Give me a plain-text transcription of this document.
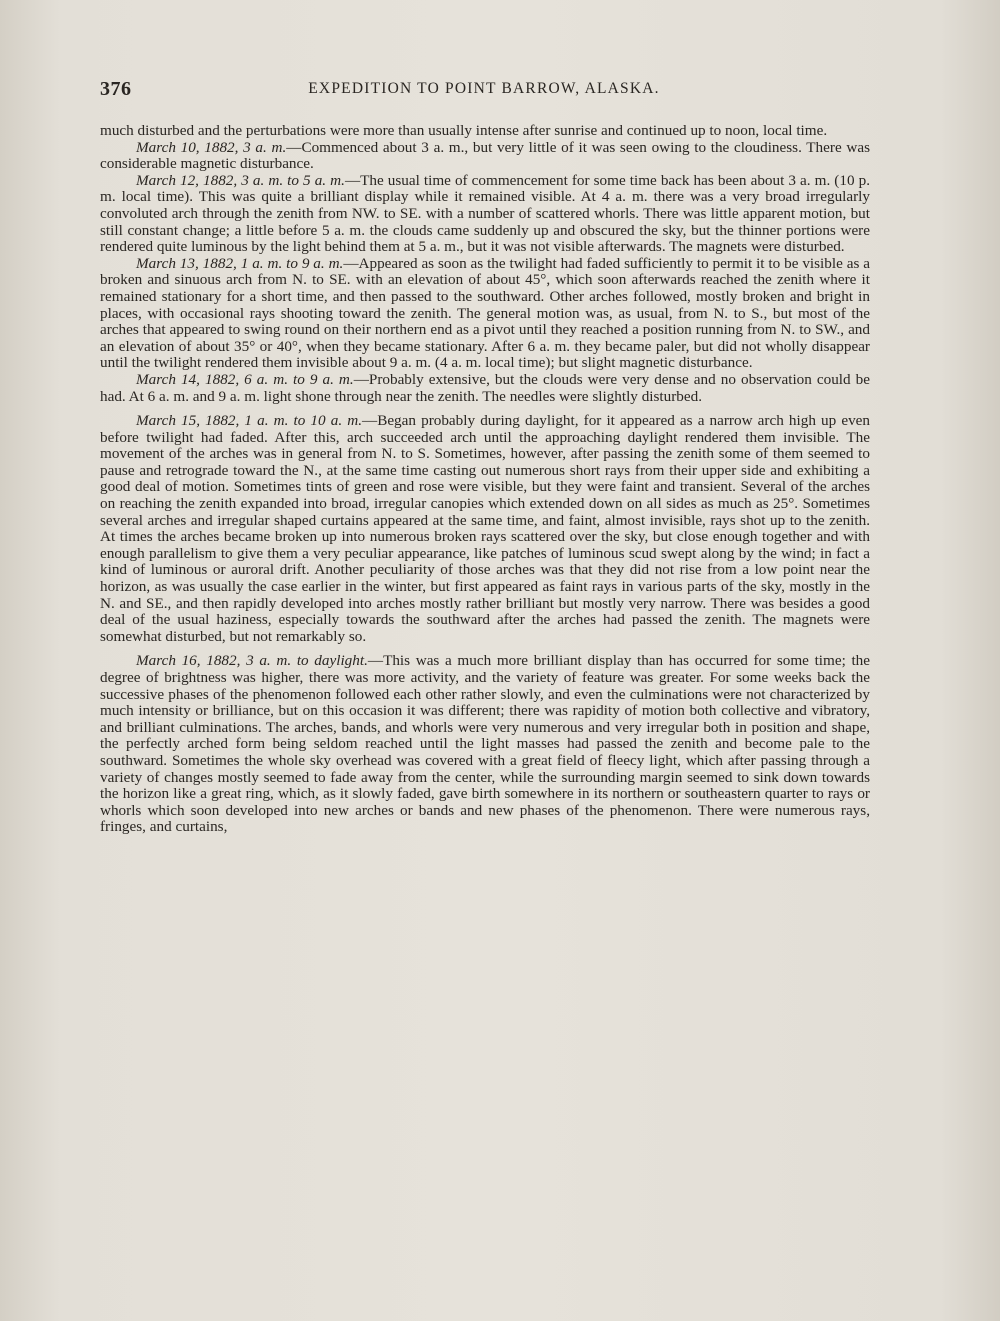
376	EXPEDITION TO POINT BARROW, ALASKA.

much disturbed and the perturbations were more than usually intense after sunrise and continued up to noon, local time.

March 10, 1882, 3 a. m.—Commenced about 3 a. m., but very little of it was seen owing to the cloudiness. There was considerable magnetic disturbance.

March 12, 1882, 3 a. m. to 5 a. m.—The usual time of commencement for some time back has been about 3 a. m. (10 p. m. local time). This was quite a brilliant display while it remained visible. At 4 a. m. there was a very broad irregularly convoluted arch through the zenith from NW. to SE. with a number of scattered whorls. There was little apparent motion, but still constant change; a little before 5 a. m. the clouds came suddenly up and obscured the sky, but the thinner portions were rendered quite luminous by the light behind them at 5 a. m., but it was not visible afterwards. The magnets were disturbed.

March 13, 1882, 1 a. m. to 9 a. m.—Appeared as soon as the twilight had faded sufficiently to permit it to be visible as a broken and sinuous arch from N. to SE. with an elevation of about 45°, which soon afterwards reached the zenith where it remained stationary for a short time, and then passed to the southward. Other arches followed, mostly broken and bright in places, with occasional rays shooting toward the zenith. The general motion was, as usual, from N. to S., but most of the arches that appeared to swing round on their northern end as a pivot until they reached a position running from N. to SW., and an elevation of about 35° or 40°, when they became stationary. After 6 a. m. they became paler, but did not wholly disappear until the twilight rendered them invisible about 9 a. m. (4 a. m. local time); but slight magnetic disturbance.

March 14, 1882, 6 a. m. to 9 a. m.—Probably extensive, but the clouds were very dense and no observation could be had. At 6 a. m. and 9 a. m. light shone through near the zenith. The needles were slightly disturbed.

March 15, 1882, 1 a. m. to 10 a. m.—Began probably during daylight, for it appeared as a narrow arch high up even before twilight had faded. After this, arch succeeded arch until the approaching daylight rendered them invisible. The movement of the arches was in general from N. to S. Sometimes, however, after passing the zenith some of them seemed to pause and retrograde toward the N., at the same time casting out numerous short rays from their upper side and exhibiting a good deal of motion. Sometimes tints of green and rose were visible, but they were faint and transient. Several of the arches on reaching the zenith expanded into broad, irregular canopies which extended down on all sides as much as 25°. Sometimes several arches and irregular shaped curtains appeared at the same time, and faint, almost invisible, rays shot up to the zenith. At times the arches became broken up into numerous broken rays scattered over the sky, but close enough together and with enough parallelism to give them a very peculiar appearance, like patches of luminous scud swept along by the wind; in fact a kind of luminous or auroral drift. Another peculiarity of those arches was that they did not rise from a low point near the horizon, as was usually the case earlier in the winter, but first appeared as faint rays in various parts of the sky, mostly in the N. and SE., and then rapidly developed into arches mostly rather brilliant but mostly very narrow. There was besides a good deal of the usual haziness, especially towards the southward after the arches had passed the zenith. The magnets were somewhat disturbed, but not remarkably so.

March 16, 1882, 3 a. m. to daylight.—This was a much more brilliant display than has occurred for some time; the degree of brightness was higher, there was more activity, and the variety of feature was greater. For some weeks back the successive phases of the phenomenon followed each other rather slowly, and even the culminations were not characterized by much intensity or brilliance, but on this occasion it was different; there was rapidity of motion both collective and vibratory, and brilliant culminations. The arches, bands, and whorls were very numerous and very irregular both in position and shape, the perfectly arched form being seldom reached until the light masses had passed the zenith and become pale to the southward. Sometimes the whole sky overhead was covered with a great field of fleecy light, which after passing through a variety of changes mostly seemed to fade away from the center, while the surrounding margin seemed to sink down towards the horizon like a great ring, which, as it slowly faded, gave birth somewhere in its northern or southeastern quarter to rays or whorls which soon developed into new arches or bands and new phases of the phenomenon. There were numerous rays, fringes, and curtains,
